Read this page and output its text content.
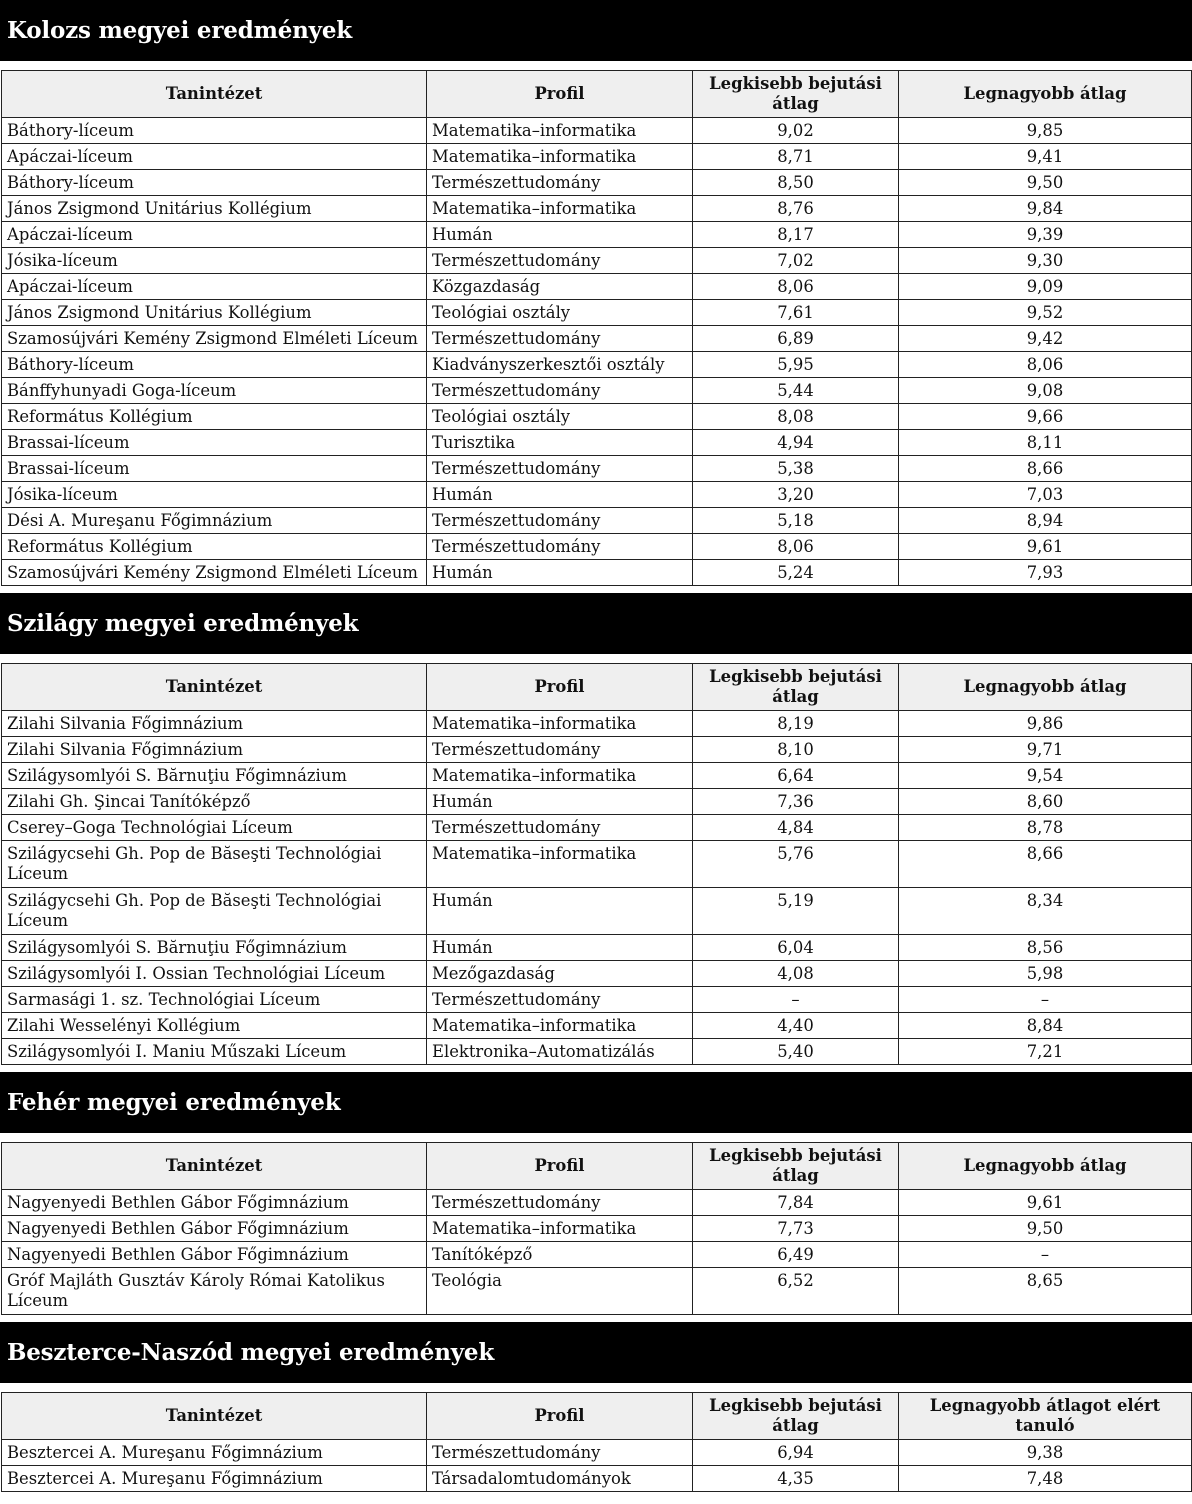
Kolozs megyei eredmények
Tanintézet	Profil	Legkisebb bejutási átlag	Legnagyobb átlag
Báthory-líceum	Matematika–informatika	9,02	9,85
Apáczai-líceum	Matematika–informatika	8,71	9,41
Báthory-líceum	Természettudomány	8,50	9,50
János Zsigmond Unitárius Kollégium	Matematika–informatika	8,76	9,84
Apáczai-líceum	Humán	8,17	9,39
Jósika-líceum	Természettudomány	7,02	9,30
Apáczai-líceum	Közgazdaság	8,06	9,09
János Zsigmond Unitárius Kollégium	Teológiai osztály	7,61	9,52
Szamosújvári Kemény Zsigmond Elméleti Líceum	Természettudomány	6,89	9,42
Báthory-líceum	Kiadványszerkesztői osztály	5,95	8,06
Bánffyhunyadi Goga-líceum	Természettudomány	5,44	9,08
Református Kollégium	Teológiai osztály	8,08	9,66
Brassai-líceum	Turisztika	4,94	8,11
Brassai-líceum	Természettudomány	5,38	8,66
Jósika-líceum	Humán	3,20	7,03
Dési A. Mureşanu Főgimnázium	Természettudomány	5,18	8,94
Református Kollégium	Természettudomány	8,06	9,61
Szamosújvári Kemény Zsigmond Elméleti Líceum	Humán	5,24	7,93
Szilágy megyei eredmények
Tanintézet	Profil	Legkisebb bejutási átlag	Legnagyobb átlag
Zilahi Silvania Főgimnázium	Matematika–informatika	8,19	9,86
Zilahi Silvania Főgimnázium	Természettudomány	8,10	9,71
Szilágysomlyói S. Bărnuţiu Főgimnázium	Matematika–informatika	6,64	9,54
Zilahi Gh. Şincai Tanítóképző	Humán	7,36	8,60
Cserey–Goga Technológiai Líceum	Természettudomány	4,84	8,78
Szilágycsehi Gh. Pop de Băseşti Technológiai Líceum	Matematika–informatika	5,76	8,66
Szilágycsehi Gh. Pop de Băseşti Technológiai Líceum	Humán	5,19	8,34
Szilágysomlyói S. Bărnuţiu Főgimnázium	Humán	6,04	8,56
Szilágysomlyói I. Ossian Technológiai Líceum	Mezőgazdaság	4,08	5,98
Sarmasági 1. sz. Technológiai Líceum	Természettudomány	–	–
Zilahi Wesselényi Kollégium	Matematika–informatika	4,40	8,84
Szilágysomlyói I. Maniu Műszaki Líceum	Elektronika–Automatizálás	5,40	7,21
Fehér megyei eredmények
Tanintézet	Profil	Legkisebb bejutási átlag	Legnagyobb átlag
Nagyenyedi Bethlen Gábor Főgimnázium	Természettudomány	7,84	9,61
Nagyenyedi Bethlen Gábor Főgimnázium	Matematika–informatika	7,73	9,50
Nagyenyedi Bethlen Gábor Főgimnázium	Tanítóképző	6,49	–
Gróf Majláth Gusztáv Károly Római Katolikus Líceum	Teológia	6,52	8,65
Beszterce-Naszód megyei eredmények
Tanintézet	Profil	Legkisebb bejutási átlag	Legnagyobb átlagot elért tanuló
Besztercei A. Mureşanu Főgimnázium	Természettudomány	6,94	9,38
Besztercei A. Mureşanu Főgimnázium	Társadalomtudományok	4,35	7,48
